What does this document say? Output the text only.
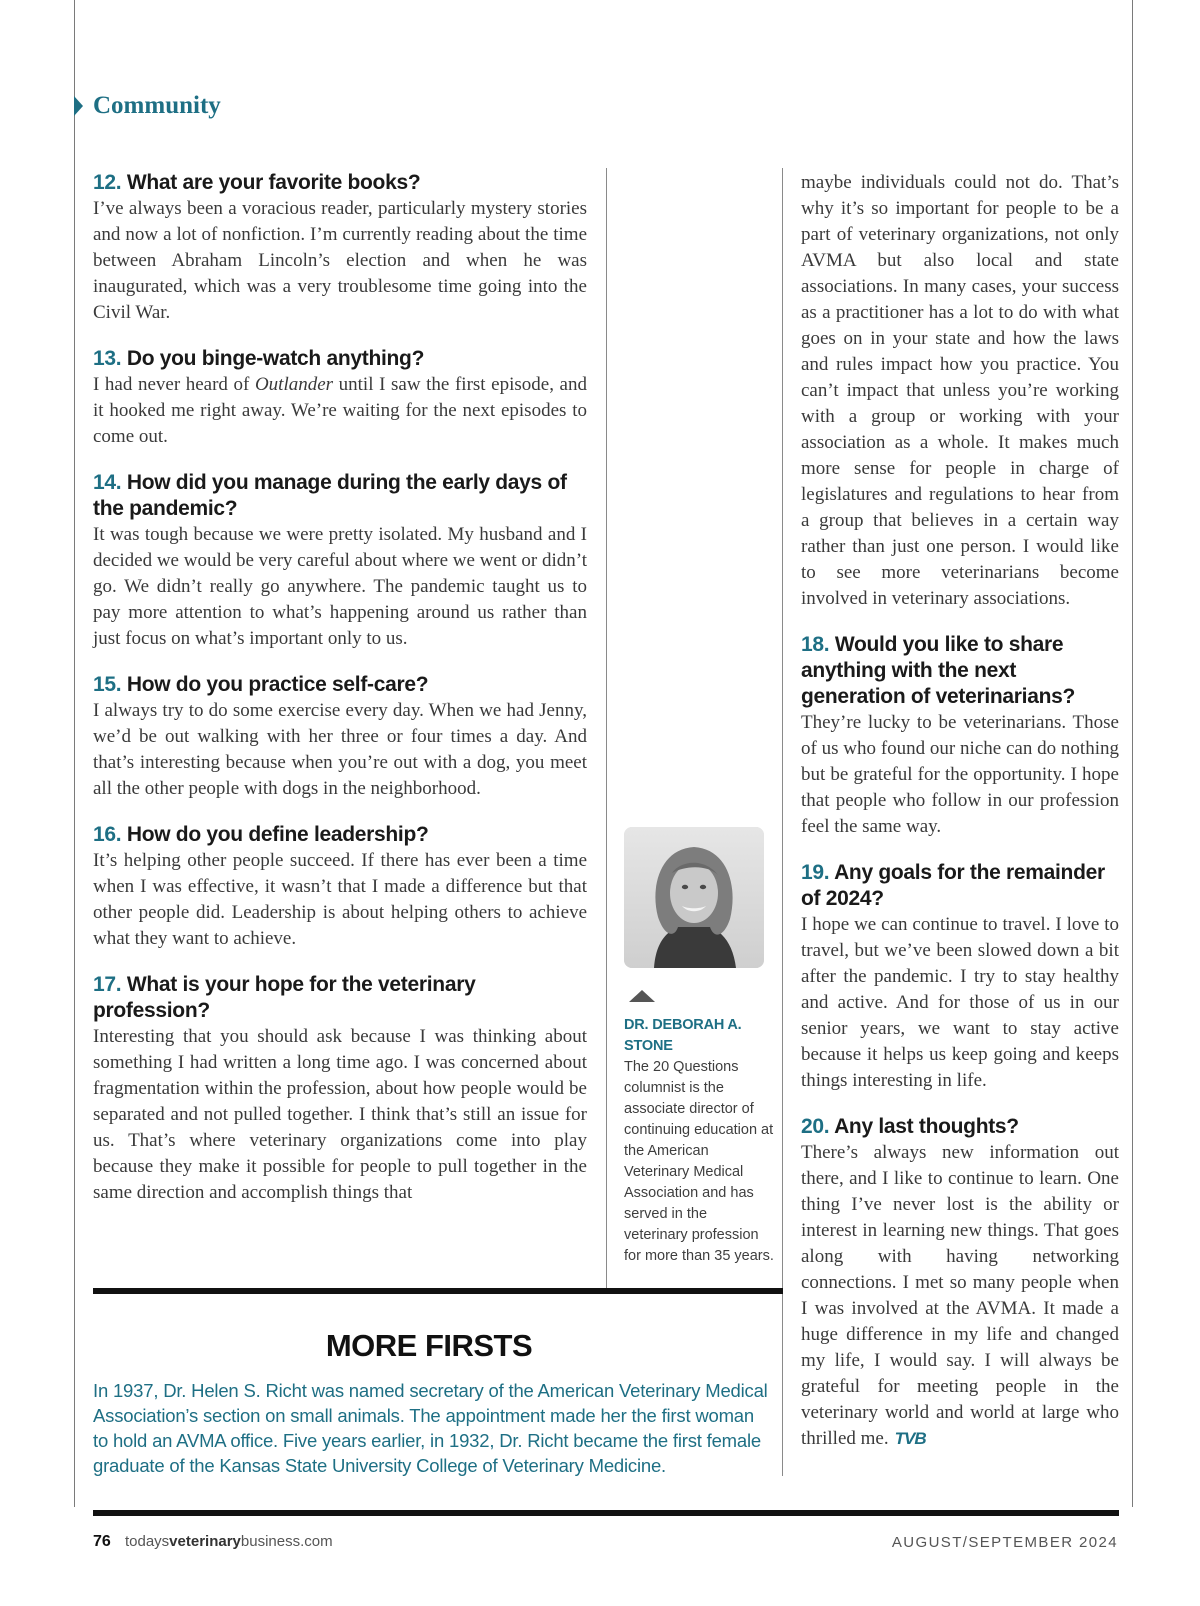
Community
12. What are your favorite books?

I’ve always been a voracious reader, particularly mystery stories and now a lot of nonfiction. I’m currently reading about the time between Abraham Lincoln’s election and when he was inaugurated, which was a very troublesome time going into the Civil War.

13. Do you binge-watch anything?

I had never heard of Outlander until I saw the first episode, and it hooked me right away. We’re waiting for the next episodes to come out.

14. How did you manage during the early days of the pandemic?

It was tough because we were pretty isolated. My husband and I decided we would be very careful about where we went or didn’t go. We didn’t really go anywhere. The pandemic taught us to pay more attention to what’s happening around us rather than just focus on what’s important only to us.

15. How do you practice self-care?

I always try to do some exercise every day. When we had Jenny, we’d be out walking with her three or four times a day. And that’s interesting because when you’re out with a dog, you meet all the other people with dogs in the neighborhood.

16. How do you define leadership?

It’s helping other people succeed. If there has ever been a time when I was effective, it wasn’t that I made a difference but that other people did. Leadership is about helping others to achieve what they want to achieve.

17. What is your hope for the veterinary profession?

Interesting that you should ask because I was thinking about something I had written a long time ago. I was concerned about fragmentation within the profession, about how people would be separated and not pulled together. I think that’s still an issue for us. That’s where veterinary organizations come into play because they make it possible for people to pull together in the same direction and accomplish things that

DR. DEBORAH A. STONE
The 20 Questions columnist is the associate director of continuing education at the American Veterinary Medical Association and has served in the veterinary profession for more than 35 years.

maybe individuals could not do. That’s why it’s so important for people to be a part of veterinary organizations, not only AVMA but also local and state associations. In many cases, your success as a practitioner has a lot to do with what goes on in your state and how the laws and rules impact how you practice. You can’t impact that unless you’re working with a group or working with your association as a whole. It makes much more sense for people in charge of legislatures and regulations to hear from a group that believes in a certain way rather than just one person. I would like to see more veterinarians become involved in veterinary associations.

18. Would you like to share anything with the next generation of veterinarians?

They’re lucky to be veterinarians. Those of us who found our niche can do nothing but be grateful for the opportunity. I hope that people who follow in our profession feel the same way.

19. Any goals for the remainder of 2024?

I hope we can continue to travel. I love to travel, but we’ve been slowed down a bit after the pandemic. I try to stay healthy and active. And for those of us in our senior years, we want to stay active because it helps us keep going and keeps things interesting in life.

20. Any last thoughts?

There’s always new information out there, and I like to continue to learn. One thing I’ve never lost is the ability or interest in learning new things. That goes along with having networking connections. I met so many people when I was involved at the AVMA. It made a huge difference in my life and changed my life, I would say. I will always be grateful for meeting people in the veterinary world and world at large who thrilled me. TVB

MORE FIRSTS

In 1937, Dr. Helen S. Richt was named secretary of the American Veterinary Medical Association’s section on small animals. The appointment made her the first woman to hold an AVMA office. Five years earlier, in 1932, Dr. Richt became the first female graduate of the Kansas State University College of Veterinary Medicine.

76 todaysveterinarybusiness.com	AUGUST/SEPTEMBER 2024
